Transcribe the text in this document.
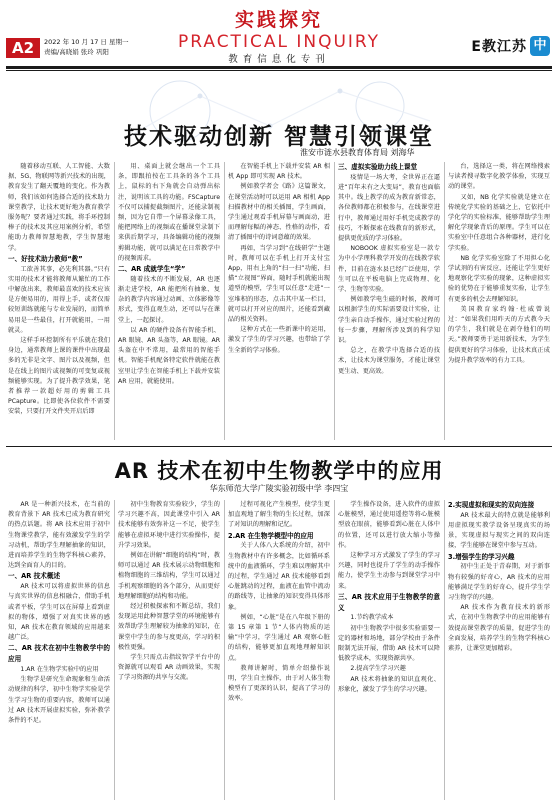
A2	2022 年 10 月 17 日 星期一
责编/高晓娟 张玲 巩阳
实践探究
PRACTICAL INQUIRY
教育信息化专刊
E教江苏 中
技术驱动创新 智慧引领课堂
淮安市涟水县教育体育局 刘海华

随着移动互联、人工智能、大数据、5G、物联网等新兴技术的出现，教育发生了翻天覆地的变化。作为教师，我们该如何选择合适的技术助力课堂教学，让技术更好地为教育教学服务呢？要者通过实践，将手环控制棒子的技术及其应用案例分析，希望能助力教师智慧地教，学生智慧地学。

一、好技术助力教师“教”

工欲善其事，必先利其器。”只有实用的技术才能将教师从繁忙的工作中解放出来，教师最喜欢的技术应该是方便易用的，用得上手，或者仅需较短训练就能与专业发展的，而简单易用是一些最佳，打开就能用，一用就灵。

这样手环控制所有平乐就在我们身边，通常教师上课的课件中出现最多的无非是文字、图片以及视频，但是在线上的图片或视频的可变复或视频能够实现。为了提升教学效果，笔者推荐一款超好用的剪辑工具PCapture。比即使各位软件不需要安装，只要打开文件夹开启后即

用、桌面上就会继出一个工具条，即跟拍按在工具条的各个工具上，鼠标的右下角就会自动弹出标注，说明该工具的功能。FSCapture不仅可以捕捉截频图片，还能录制视频，因为它自带一个屏幕录像工具，能把网络上的视频或在播课堂录制下来供后期学习，具备编辑功能的视频剪辑功能，就可以满足在日常教学中的视频需求。

二、AR 成就学生“学”

随着技术的不断发展，AR 也逐渐走进学校，AR 能把所有抽象、复杂的教学内容通过动画、立体影像等形式，变得直观生动，还可以与在课堂上，一起探讨。

以 AR 的硬件设备有智能手机、AR 眼镜、AR 头盔等，AR 眼镜。AR 头盔在中不常用，最常用的智能手机。智能手机配备特定软件就能在教室里让学生在智能手机上下载并安装 AR 应用，就能使用。

在智能手机上下载并安装 AR 相机 App 即可实现 AR 技术。

例如教学者会《路》这篇课文，在课堂活动时可以运用 AR 相机 App 扫描教材中的相关插图，学生画面，学生通过观看手机屏幕与画面动，进而理解每幅的神态、性格的动作，看清了插图中的诗词意蕴的效果。

再如，当学习到“在线研学”主题时，教师可以在手机上打开支付宝 App，用右上角的“扫一扫”功能，扫描“立视图”界面，随时手机就能出现道型的模型，学生可以任意“走进”一室堆积的形态，点击其中某一栏目，就可以打开对应的图片，还能看到藏品的相关资料。

这种方式在一些新课中的运用，激发了学生的学习兴趣，也带给了学生全新的学习体验。

三、虚拟实验助力线上课堂

疫情是一场大考，全世界正在逼进“百年未有之大变局”，教育也面临其中。线上教学的成为教育新常态，各位教师都在积极参与，在线课堂进行中，教师通过用好手机完成教学的技巧，不断探索在线教育的新形式，提供更优质的学习体验。

NOBOOK 虚拟实验室是一款专为中小学理科教学开发的在线教学软件，目前在涟水县已经广泛使用，学生可以在平板电脑上完成物理、化学、生物等实验。

例如教学电生磁的时候，教师可以根据学生的实际需要设计实验，让学生亲自动手操作，通过实验过程的每一步骤，理解所涉及到的科学知识。

总之，在教学中选择合适的技术，让技术为课堂服务，才能让课堂更生动、更高效。

台，选择这一类，将在网络搜索与读者搜寻数字化教学体验，实现互动的课堂。

又如，NB 化学实验就是建立在传统化学实验的基础之上，它依托中学化学的实验标准，能够帮助学生理解化学现象背后的原理。学生可以在实验室中任意组合各种器材，进行化学实验。

NB 化学实验室除了不用担心化学试剂的有害反应，还能让学生更好地观察化学实验的现象，这种虚拟实验的优势在于能够重复实验，让学生有更多的机会去理解知识。

美国教育家约翰·杜威曾说过：“如果我们用昨天的方式教今天的学生，我们就是在剥夺他们的明天。”教师要勇于运用新技术，为学生提供更好的学习体验，让技术真正成为提升教学效率的有力工具。

AR 技术在初中生物教学中的应用
华东师范大学广陵实验初级中学 李四宝

AR 是一种新兴技术，在当前的教育背景下 AR 技术已成为教育研究的热点话题。将 AR 技术应用于初中生物课堂教学，能有效激发学生的学习动机，帮助学生理解抽象的知识，进而培养学生的生物学科核心素养，达到全面育人的目的。

一、AR 技术概述

AR 技术可以将虚拟世界的信息与真实世界的信息相融合，借助手机或者平板，学生可以在屏幕上看到虚拟的物体，增强了对真实世界的感知，AR 技术在教育领域的应用越来越广泛。

二、AR 技术在初中生物教学中的应用

1.AR 在生物学实验中的应用

生物学是研究生命现象和生命活动规律的科学，初中生物学实验是学生学习生物的重要内容，教师可以通过 AR 技术开展虚拟实验，弥补教学条件的不足。

初中生物教育实验较少，学生的学习兴趣不高，因此课堂中引入 AR 技术能够有效弥补这一不足，使学生能够在虚拟环境中进行实验操作，提升学习效果。

例如在讲解“细胞的结构”时，教师可以通过 AR 技术展示动物细胞和植物细胞的三维结构，学生可以通过手机观察细胞的各个部分，从而更好地理解细胞的结构和功能。

经过积极探索和不断总结，我们发现运用此种智慧学堂的环境能够有效帮助学生理解较为抽象的知识，在课堂中学生的参与度更高，学习的积极性更强。

学生只需点击指纹智学平台中的资源就可以观看 AR 动画效果，实现了学习资源的共享与交流。

过程可视化产生模型，使学生更加直观地了解生物的生长过程，加深了对知识的理解和记忆。

2.AR 在生物学模型中的应用

关于人体八大系统的介绍，初中生物教材中有许多概念，比如循环系统中的血液循环，学生难以理解其中的过程，学生通过 AR 技术能够看到心脏跳动的过程，血液在血管中流动的路线等，让抽象的知识变得具体形象。

例如，“心脏”是在八年级下册的第 15 章第 1 节“人体内物质的运输”中学习，学生通过 AR 观察心脏的结构，能够更加直观地理解知识点。

教师讲解时，简单介绍操作说明，学生自主操作，由于对人体生物模型有了更深的认识，提高了学习的效率。

学生操作设备，进入软件的虚拟心脏模型，通过使用遥控等将心脏模型放在眼前，能够看到心脏在人体中的位置，还可以进行放大缩小等操作。

这种学习方式激发了学生的学习兴趣，同时也提升了学生的动手操作能力，使学生主动参与到课堂学习中来。

三、AR 技术应用于生物教学的意义

1.节约教学成本

初中生物教学中很多实验需要一定的器材和场地，部分学校由于条件限制无法开展，借助 AR 技术可以降低教学成本，实现资源共享。

2.提高学生学习兴趣

AR 技术将抽象的知识直观化、形象化，激发了学生的学习兴趣。

2.实现虚拟和现实的双向连接

AR 技术最大的特点就是能够利用虚拟现实教学设备呈现真实的场景，实现虚拟与现实之间的双向连接，学生能够在课堂中参与互动。

3.增强学生的学习兴趣

初中生正处于青春期，对于新事物有较强的好奇心，AR 技术的应用能够满足学生的好奇心，提升学生学习生物学的兴趣。

AR 技术作为教育技术的新形式，在初中生物教学中的应用能够有效提高课堂教学的质量，促进学生的全面发展，培养学生的生物学科核心素养，让课堂更加精彩。
